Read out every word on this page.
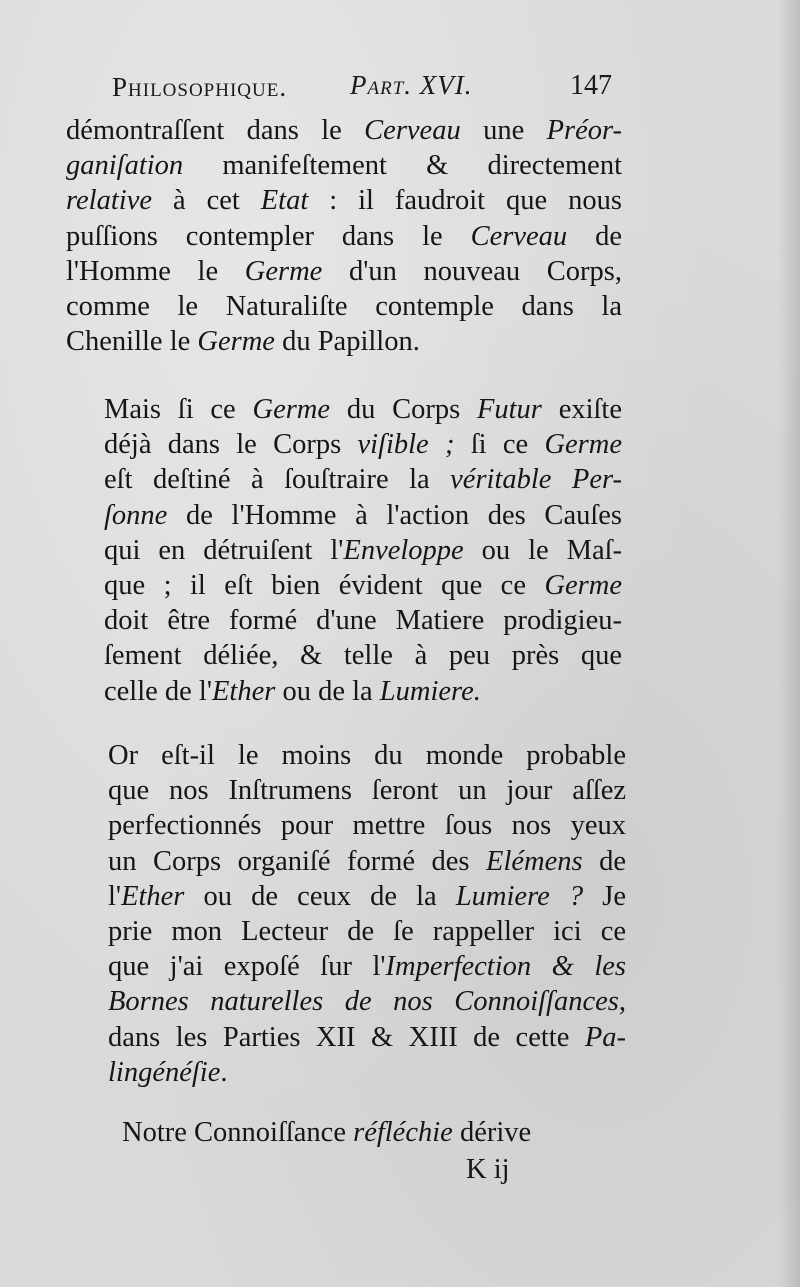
Philosophique. Part. XVI.	147
démontraſſent dans le Cerveau une Préor-
ganiſation manifeſtement & directement
relative à cet Etat : il faudroit que nous
puſſions contempler dans le Cerveau de
l'Homme le Germe d'un nouveau Corps,
comme le Naturaliſte contemple dans la
Chenille le Germe du Papillon.
Mais ſi ce Germe du Corps Futur exiſte
déjà dans le Corps viſible ; ſi ce Germe
eſt deſtiné à ſouſtraire la véritable Per-
ſonne de l'Homme à l'action des Cauſes
qui en détruiſent l'Enveloppe ou le Maſ-
que ; il eſt bien évident que ce Germe
doit être formé d'une Matiere prodigieu-
ſement déliée, & telle à peu près que
celle de l'Ether ou de la Lumiere.
Or eſt-il le moins du monde probable
que nos Inſtrumens ſeront un jour aſſez
perfectionnés pour mettre ſous nos yeux
un Corps organiſé formé des Elémens de
l'Ether ou de ceux de la Lumiere ? Je
prie mon Lecteur de ſe rappeller ici ce
que j'ai expoſé ſur l'Imperfection & les
Bornes naturelles de nos Connoiſſances,
dans les Parties XII & XIII de cette Pa-
lingénéſie.
Notre Connoiſſance réfléchie dérive
K ij
